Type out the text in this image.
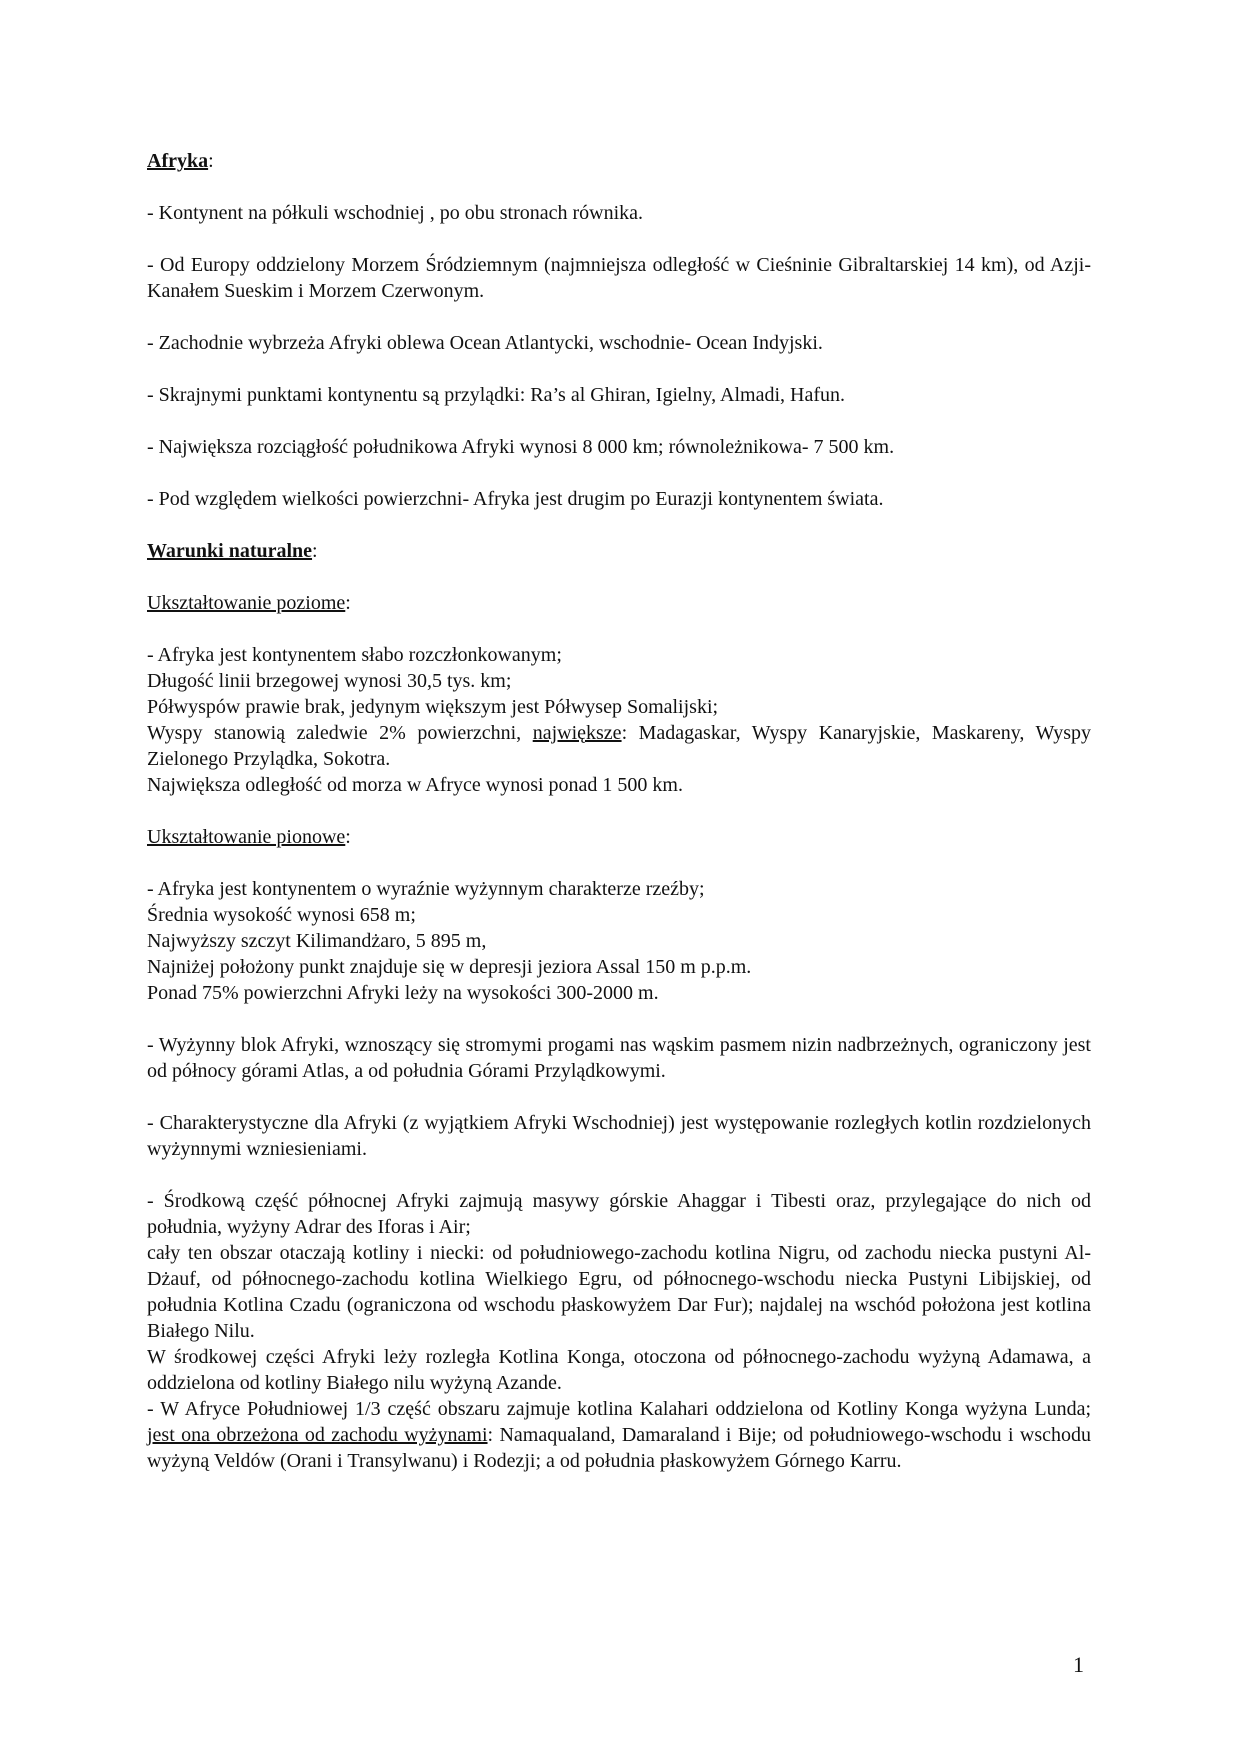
Afryka:

- Kontynent na półkuli wschodniej , po obu stronach równika.

- Od Europy oddzielony Morzem Śródziemnym (najmniejsza odległość w Cieśninie Gibraltarskiej 14 km), od Azji- Kanałem Sueskim i Morzem Czerwonym.

- Zachodnie wybrzeża Afryki oblewa Ocean Atlantycki, wschodnie- Ocean Indyjski.

- Skrajnymi punktami kontynentu są przylądki: Ra’s al Ghiran, Igielny, Almadi, Hafun.

- Największa rozciągłość południkowa Afryki wynosi 8 000 km; równoleżnikowa- 7 500 km.

- Pod względem wielkości powierzchni- Afryka jest drugim po Eurazji kontynentem świata.

Warunki naturalne:

Ukształtowanie poziome:

- Afryka jest kontynentem słabo rozczłonkowanym;

Długość linii brzegowej wynosi 30,5 tys. km;

Półwyspów prawie brak, jedynym większym jest Półwysep Somalijski;

Wyspy stanowią zaledwie 2% powierzchni, największe: Madagaskar, Wyspy Kanaryjskie, Maskareny, Wyspy Zielonego Przylądka, Sokotra.

Największa odległość od morza w Afryce wynosi ponad 1 500 km.

Ukształtowanie pionowe:

- Afryka jest kontynentem o wyraźnie wyżynnym charakterze rzeźby;

Średnia wysokość wynosi 658 m;

Najwyższy szczyt Kilimandżaro, 5 895 m,

Najniżej położony punkt znajduje się w depresji jeziora Assal 150 m p.p.m.

Ponad 75% powierzchni Afryki leży na wysokości 300-2000 m.

- Wyżynny blok Afryki, wznoszący się stromymi progami nas wąskim pasmem nizin nadbrzeżnych, ograniczony jest od północy górami Atlas, a od południa Górami Przylądkowymi.

- Charakterystyczne dla Afryki (z wyjątkiem Afryki Wschodniej) jest występowanie rozległych kotlin rozdzielonych wyżynnymi wzniesieniami.

- Środkową część północnej Afryki zajmują masywy górskie Ahaggar i Tibesti oraz, przylegające do nich od południa, wyżyny Adrar des Iforas i Air;

cały ten obszar otaczają kotliny i niecki: od południowego-zachodu kotlina Nigru, od zachodu niecka pustyni Al-Dżauf, od północnego-zachodu kotlina Wielkiego Egru, od północnego-wschodu niecka Pustyni Libijskiej, od południa Kotlina Czadu (ograniczona od wschodu płaskowyżem Dar Fur); najdalej na wschód położona jest kotlina Białego Nilu.

W środkowej części Afryki leży rozległa Kotlina Konga, otoczona od północnego-zachodu wyżyną Adamawa, a oddzielona od kotliny Białego nilu wyżyną Azande.

- W Afryce Południowej 1/3 część obszaru zajmuje kotlina Kalahari oddzielona od Kotliny Konga wyżyna Lunda; jest ona obrzeżona od zachodu wyżynami: Namaqualand, Damaraland i Bije; od południowego-wschodu i wschodu wyżyną Veldów (Orani i Transylwanu) i Rodezji; a od południa płaskowyżem Górnego Karru.

1
